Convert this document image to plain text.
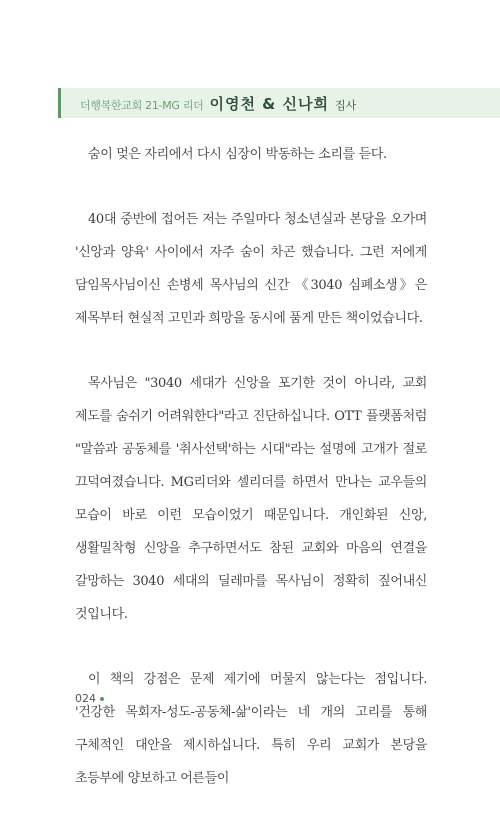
더행복한교회 21-MG 리더 이영천 & 신나희 집사

숨이 멎은 자리에서 다시 심장이 박동하는 소리를 듣다.

40대 중반에 접어든 저는 주일마다 청소년실과 본당을 오가며 '신앙과 양육' 사이에서 자주 숨이 차곤 했습니다. 그런 저에게 담임목사님이신 손병세 목사님의 신간 《3040 심폐소생》은 제목부터 현실적 고민과 희망을 동시에 품게 만든 책이었습니다.

목사님은 "3040 세대가 신앙을 포기한 것이 아니라, 교회 제도를 숨쉬기 어려워한다"라고 진단하십니다. OTT 플랫폼처럼 "말씀과 공동체를 '취사선택'하는 시대"라는 설명에 고개가 절로 끄덕여졌습니다. MG리더와 셀리더를 하면서 만나는 교우들의 모습이 바로 이런 모습이었기 때문입니다. 개인화된 신앙, 생활밀착형 신앙을 추구하면서도 참된 교회와 마음의 연결을 갈망하는 3040 세대의 딜레마를 목사님이 정확히 짚어내신 것입니다.

이 책의 강점은 문제 제기에 머물지 않는다는 점입니다. '건강한 목회자-성도-공동체-삶'이라는 네 개의 고리를 통해 구체적인 대안을 제시하십니다. 특히 우리 교회가 본당을 초등부에 양보하고 어른들이

024
